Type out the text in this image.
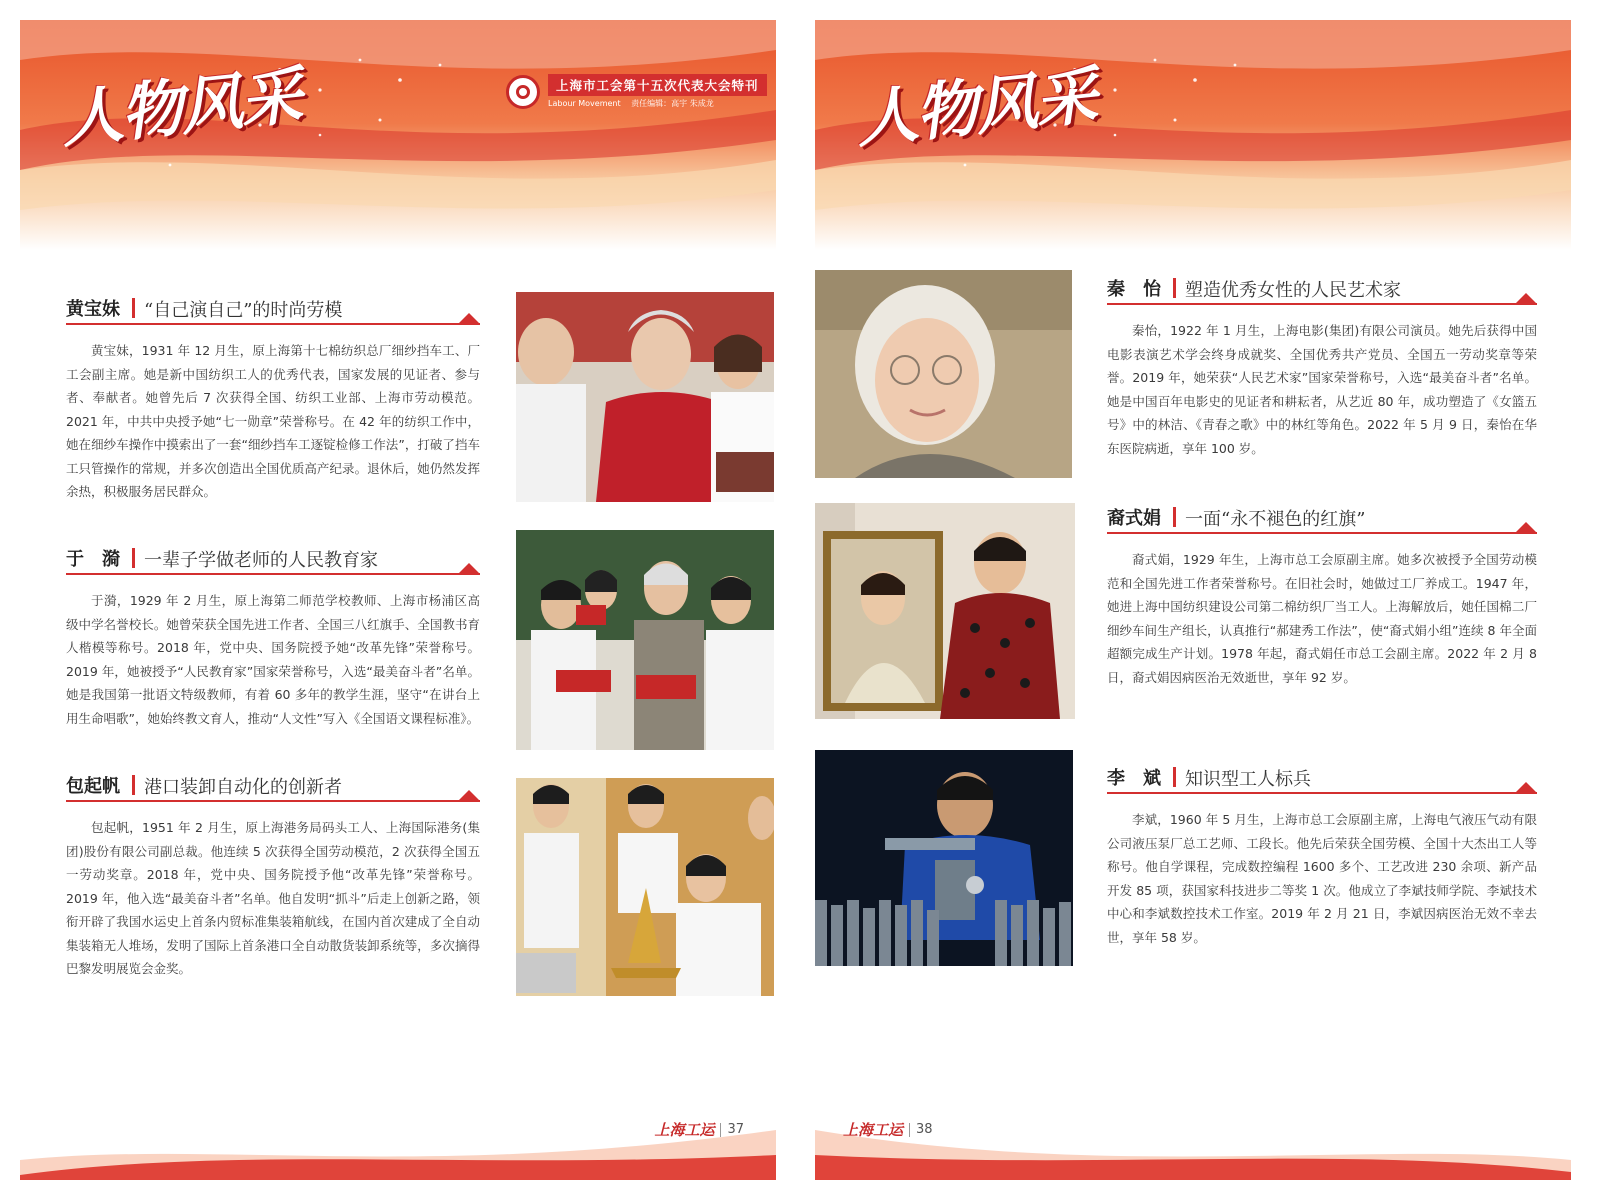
人物风采	上海市工会第十五次代表大会特刊
Labour Movement 责任编辑：高宇 朱成龙
黄宝妹 “自己演自己”的时尚劳模
黄宝妹，1931 年 12 月生，原上海第十七棉纺织总厂细纱挡车工、厂工会副主席。她是新中国纺织工人的优秀代表，国家发展的见证者、参与者、奉献者。她曾先后 7 次获得全国、纺织工业部、上海市劳动模范。2021 年，中共中央授予她“七一勋章”荣誉称号。在 42 年的纺织工作中，她在细纱车操作中摸索出了一套“细纱挡车工逐锭检修工作法”，打破了挡车工只管操作的常规，并多次创造出全国优质高产纪录。退休后，她仍然发挥余热，积极服务居民群众。
于　漪 一辈子学做老师的人民教育家
于漪，1929 年 2 月生，原上海第二师范学校教师、上海市杨浦区高级中学名誉校长。她曾荣获全国先进工作者、全国三八红旗手、全国教书育人楷模等称号。2018 年，党中央、国务院授予她“改革先锋”荣誉称号。2019 年，她被授予“人民教育家”国家荣誉称号，入选“最美奋斗者”名单。她是我国第一批语文特级教师，有着 60 多年的教学生涯，坚守“在讲台上用生命唱歌”，她始终教文育人，推动“人文性”写入《全国语文课程标准》。
包起帆 港口装卸自动化的创新者
包起帆，1951 年 2 月生，原上海港务局码头工人、上海国际港务(集团)股份有限公司副总裁。他连续 5 次获得全国劳动模范，2 次获得全国五一劳动奖章。2018 年，党中央、国务院授予他“改革先锋”荣誉称号。2019 年，他入选“最美奋斗者”名单。他自发明“抓斗”后走上创新之路，领衔开辟了我国水运史上首条内贸标准集装箱航线，在国内首次建成了全自动集装箱无人堆场，发明了国际上首条港口全自动散货装卸系统等，多次摘得巴黎发明展览会金奖。
上海工运 37
人物风采
秦　怡 塑造优秀女性的人民艺术家
秦怡，1922 年 1 月生，上海电影(集团)有限公司演员。她先后获得中国电影表演艺术学会终身成就奖、全国优秀共产党员、全国五一劳动奖章等荣誉。2019 年，她荣获“人民艺术家”国家荣誉称号，入选“最美奋斗者”名单。她是中国百年电影史的见证者和耕耘者，从艺近 80 年，成功塑造了《女篮五号》中的林洁、《青春之歌》中的林红等角色。2022 年 5 月 9 日，秦怡在华东医院病逝，享年 100 岁。
裔式娟 一面“永不褪色的红旗”
裔式娟，1929 年生，上海市总工会原副主席。她多次被授予全国劳动模范和全国先进工作者荣誉称号。在旧社会时，她做过工厂养成工。1947 年，她进上海中国纺织建设公司第二棉纺织厂当工人。上海解放后，她任国棉二厂细纱车间生产组长，认真推行“郝建秀工作法”，使“裔式娟小组”连续 8 年全面超额完成生产计划。1978 年起，裔式娟任市总工会副主席。2022 年 2 月 8 日，裔式娟因病医治无效逝世，享年 92 岁。
李　斌 知识型工人标兵
李斌，1960 年 5 月生，上海市总工会原副主席，上海电气液压气动有限公司液压泵厂总工艺师、工段长。他先后荣获全国劳模、全国十大杰出工人等称号。他自学课程，完成数控编程 1600 多个、工艺改进 230 余项、新产品开发 85 项，获国家科技进步二等奖 1 次。他成立了李斌技师学院、李斌技术中心和李斌数控技术工作室。2019 年 2 月 21 日，李斌因病医治无效不幸去世，享年 58 岁。
上海工运 38
